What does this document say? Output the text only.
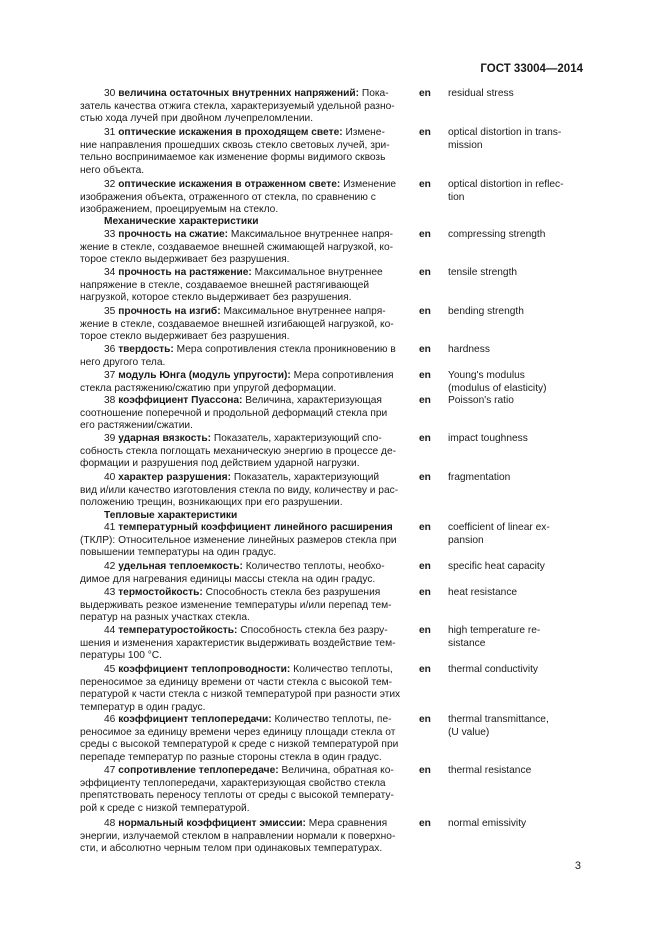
ГОСТ 33004—2014

30 величина остаточных внутренних напряжений: Пока-
затель качества отжига стекла, характеризуемый удельной разно-
стью хода лучей при двойном лучепреломлении.

en residual stress

31 оптические искажения в проходящем свете: Измене-
ние направления прошедших сквозь стекло световых лучей, зри-
тельно воспринимаемое как изменение формы видимого сквозь
него объекта.

en optical distortion in trans-
mission

32 оптические искажения в отраженном свете: Изменение
изображения объекта, отраженного от стекла, по сравнению с
изображением, проецируемым на стекло.

en optical distortion in reflec-
tion
Механические характеристики

33 прочность на сжатие: Максимальное внутреннее напря-
жение в стекле, создаваемое внешней сжимающей нагрузкой, ко-
торое стекло выдерживает без разрушения.

en compressing strength

34 прочность на растяжение: Максимальное внутреннее
напряжение в стекле, создаваемое внешней растягивающей
нагрузкой, которое стекло выдерживает без разрушения.

en tensile strength

35 прочность на изгиб: Максимальное внутреннее напря-
жение в стекле, создаваемое внешней изгибающей нагрузкой, ко-
торое стекло выдерживает без разрушения.

en bending strength

36 твердость: Мера сопротивления стекла проникновению в
него другого тела.

en hardness

37 модуль Юнга (модуль упругости): Мера сопротивления
стекла растяжению/сжатию при упругой деформации.

en Young's modulus
(modulus of elasticity)

38 коэффициент Пуассона: Величина, характеризующая
соотношение поперечной и продольной деформаций стекла при
его растяжении/сжатии.

en Poisson's ratio

39 ударная вязкость: Показатель, характеризующий спо-
собность стекла поглощать механическую энергию в процессе де-
формации и разрушения под действием ударной нагрузки.

en impact toughness

40 характер разрушения: Показатель, характеризующий
вид и/или качество изготовления стекла по виду, количеству и рас-
положению трещин, возникающих при его разрушении.

en fragmentation
Тепловые характеристики

41 температурный коэффициент линейного расширения
(ТКЛР): Относительное изменение линейных размеров стекла при
повышении температуры на один градус.

en coefficient of linear ex-
pansion

42 удельная теплоемкость: Количество теплоты, необхо-
димое для нагревания единицы массы стекла на один градус.

en specific heat capacity

43 термостойкость: Способность стекла без разрушения
выдерживать резкое изменение температуры и/или перепад тем-
ператур на разных участках стекла.

en heat resistance

44 температуростойкость: Способность стекла без разру-
шения и изменения характеристик выдерживать воздействие тем-
пературы 100 °С.

en high temperature re-
sistance

45 коэффициент теплопроводности: Количество теплоты,
переносимое за единицу времени от части стекла с высокой тем-
пературой к части стекла с низкой температурой при разности этих
температур в один градус.

en thermal conductivity

46 коэффициент теплопередачи: Количество теплоты, пе-
реносимое за единицу времени через единицу площади стекла от
среды с высокой температурой к среде с низкой температурой при
перепаде температур по разные стороны стекла в один градус.

en thermal transmittance,
(U value)

47 сопротивление теплопередаче: Величина, обратная ко-
эффициенту теплопередачи, характеризующая свойство стекла
препятствовать переносу теплоты от среды с высокой температу-
рой к среде с низкой температурой.

en thermal resistance

48 нормальный коэффициент эмиссии: Мера сравнения
энергии, излучаемой стеклом в направлении нормали к поверхно-
сти, и абсолютно черным телом при одинаковых температурах.

en normal emissivity
3
